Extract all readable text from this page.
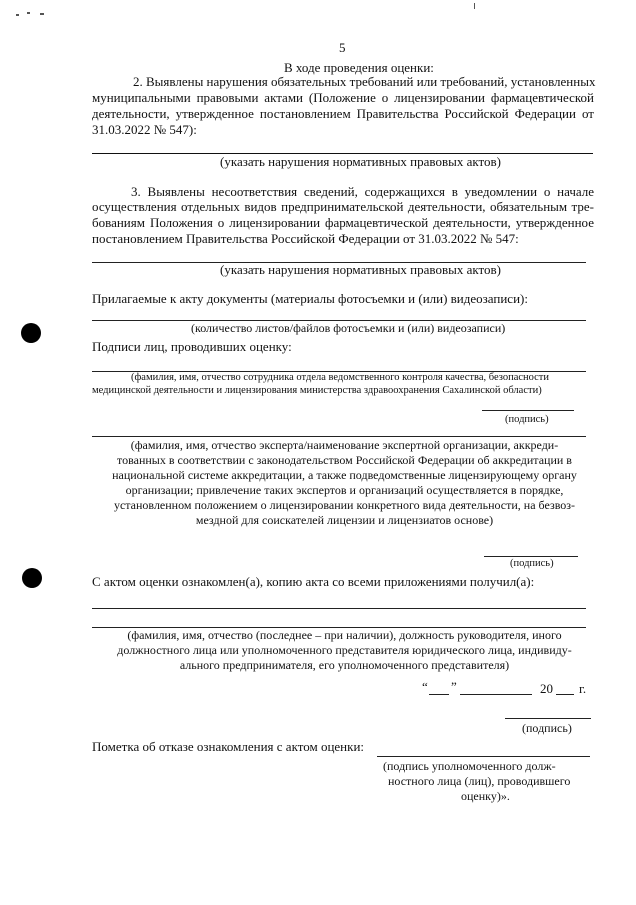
5
В ходе проведения оценки:
2. Выявлены нарушения обязательных требований или требований, установленных
муниципальными правовыми актами (Положение о лицензировании фармацевтической
деятельности, утвержденное постановлением Правительства Российской Федерации от
31.03.2022 № 547):
(указать нарушения нормативных правовых актов)
3. Выявлены несоответствия сведений, содержащихся в уведомлении о начале
осуществления отдельных видов предпринимательской деятельности, обязательным тре-
бованиям Положения о лицензировании фармацевтической деятельности, утвержденное
постановлением Правительства Российской Федерации от 31.03.2022 № 547:
(указать нарушения нормативных правовых актов)
Прилагаемые к акту документы (материалы фотосъемки и (или) видеозаписи):
(количество листов/файлов фотосъемки и (или) видеозаписи)
Подписи лиц, проводивших оценку:
(фамилия, имя, отчество сотрудника отдела ведомственного контроля качества, безопасности
медицинской деятельности и лицензирования министерства здравоохранения Сахалинской области)
(подпись)
(фамилия, имя, отчество эксперта/наименование экспертной организации, аккреди-
тованных в соответствии с законодательством Российской Федерации об аккредитации в
национальной системе аккредитации, а также подведомственные лицензирующему органу
организации; привлечение таких экспертов и организаций осуществляется в порядке,
установленном положением о лицензировании конкретного вида деятельности, на безвоз-
мездной для соискателей лицензии и лицензиатов основе)
(подпись)
С актом оценки ознакомлен(а), копию акта со всеми приложениями получил(а):
(фамилия, имя, отчество (последнее – при наличии), должность руководителя, иного
должностного лица или уполномоченного представителя юридического лица, индивиду-
ального предпринимателя, его уполномоченного представителя)
“ ”	20 г.
(подпись)
Пометка об отказе ознакомления с актом оценки:
(подпись уполномоченного долж-
ностного лица (лиц), проводившего
оценку)».
